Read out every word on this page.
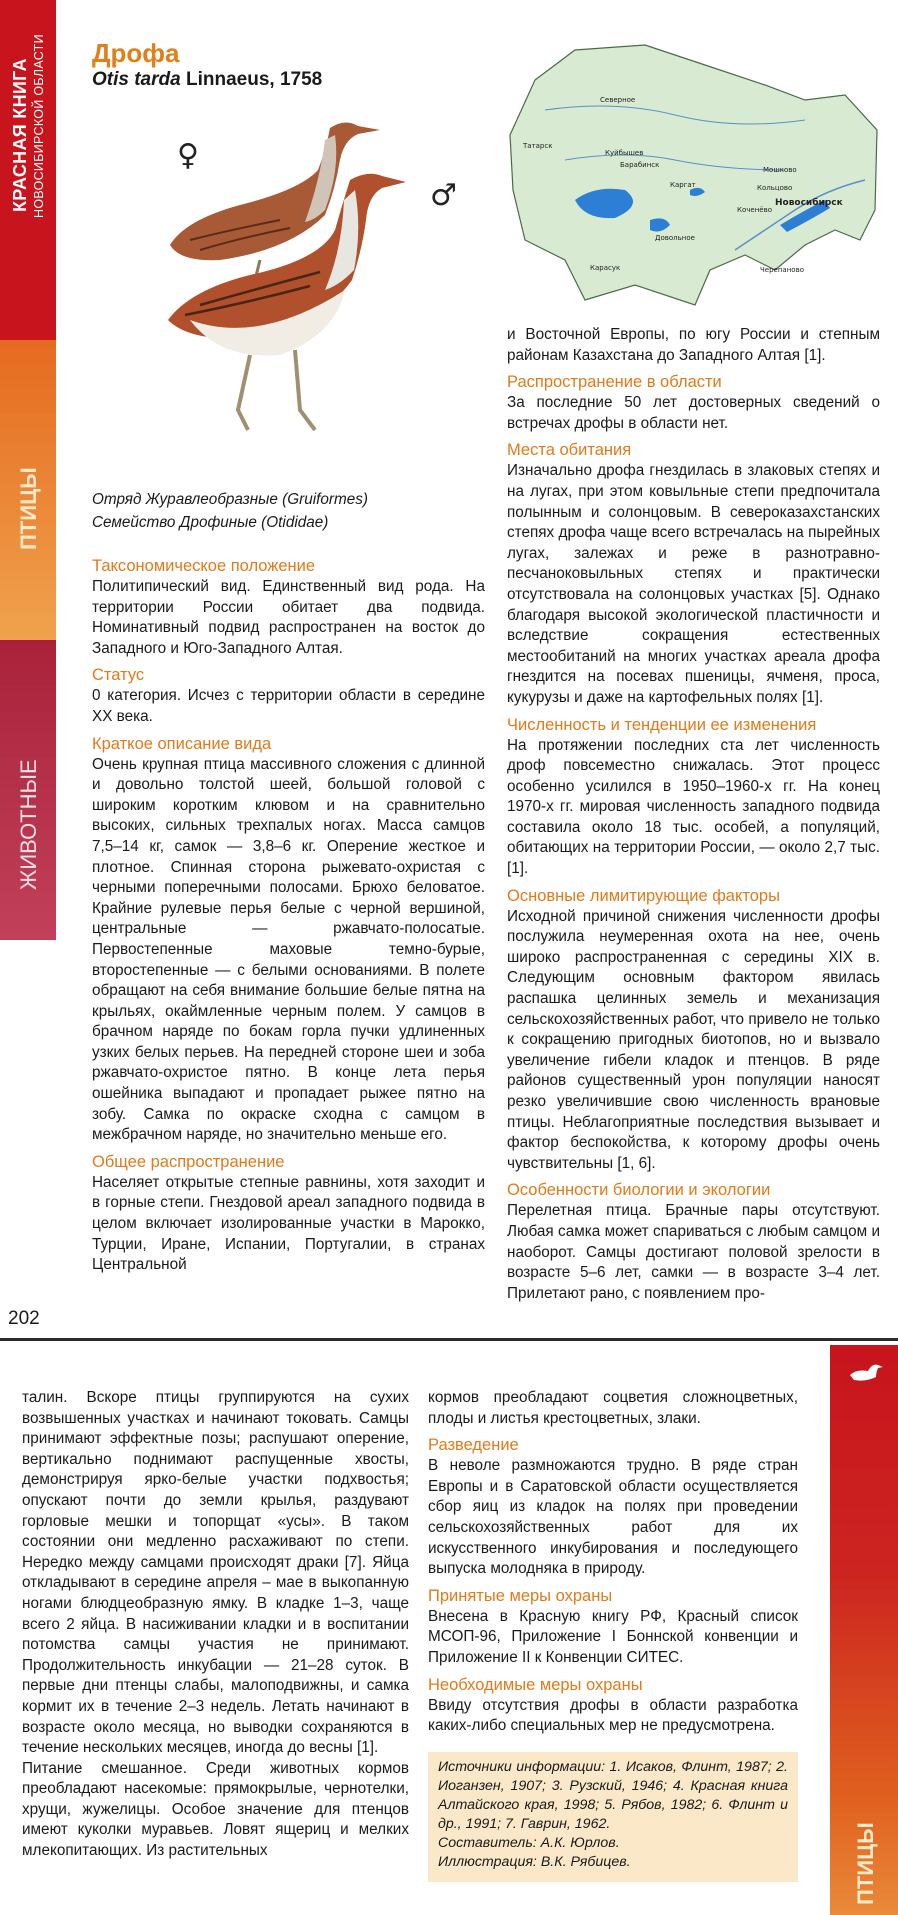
КРАСНАЯ КНИГА НОВОСИБИРСКОЙ ОБЛАСТИ
ПТИЦЫ
ЖИВОТНЫЕ
202
Дрофа
Otis tarda Linnaeus, 1758
♀
♂
Отряд Журавлеобразные (Gruiformes)
Семейство Дрофиные (Otididae)
Таксономическое положение

Политипический вид. Единственный вид рода. На территории России обитает два подвида. Номинативный подвид распространен на восток до Западного и Юго-Западного Алтая.

Статус

0 категория. Исчез с территории области в середине XX века.

Краткое описание вида

Очень крупная птица массивного сложения с длинной и довольно толстой шеей, большой головой с широким коротким клювом и на сравнительно высоких, сильных трехпалых ногах. Масса самцов 7,5–14 кг, самок — 3,8–6 кг. Оперение жесткое и плотное. Спинная сторона рыжевато-охристая с черными поперечными полосами. Брюхо беловатое. Крайние рулевые перья белые с черной вершиной, центральные — ржавчато-полосатые. Первостепенные маховые темно-бурые, второстепенные — с белыми основаниями. В полете обращают на себя внимание большие белые пятна на крыльях, окаймленные черным полем. У самцов в брачном наряде по бокам горла пучки удлиненных узких белых перьев. На передней стороне шеи и зоба ржавчато-охристое пятно. В конце лета перья ошейника выпадают и пропадает рыжее пятно на зобу. Самка по окраске сходна с самцом в межбрачном наряде, но значительно меньше его.

Общее распространение

Населяет открытые степные равнины, хотя заходит и в горные степи. Гнездовой ареал западного подвида в целом включает изолированные участки в Марокко, Турции, Иране, Испании, Португалии, в странах Центральной

Северное
Куйбышев
Татарск
Барабинск
Каргат
Мошково
Коченёво
Кольцово
Новосибирск
Довольное
Карасук	Черепаново

и Восточной Европы, по югу России и степным районам Казахстана до Западного Алтая [1].

Распространение в области

За последние 50 лет достоверных сведений о встречах дрофы в области нет.

Места обитания

Изначально дрофа гнездилась в злаковых степях и на лугах, при этом ковыльные степи предпочитала полынным и солонцовым. В североказахстанских степях дрофа чаще всего встречалась на пырейных лугах, залежах и реже в разнотравно-песчаноковыльных степях и практически отсутствовала на солонцовых участках [5]. Однако благодаря высокой экологической пластичности и вследствие сокращения естественных местообитаний на многих участках ареала дрофа гнездится на посевах пшеницы, ячменя, проса, кукурузы и даже на картофельных полях [1].

Численность и тенденции ее изменения

На протяжении последних ста лет численность дроф повсеместно снижалась. Этот процесс особенно усилился в 1950–1960-х гг. На конец 1970-х гг. мировая численность западного подвида составила около 18 тыс. особей, а популяций, обитающих на территории России, — около 2,7 тыс. [1].

Основные лимитирующие факторы

Исходной причиной снижения численности дрофы послужила неумеренная охота на нее, очень широко распространенная с середины XIX в. Следующим основным фактором явилась распашка целинных земель и механизация сельскохозяйственных работ, что привело не только к сокращению пригодных биотопов, но и вызвало увеличение гибели кладок и птенцов. В ряде районов существенный урон популяции наносят резко увеличившие свою численность врановые птицы. Неблагоприятные последствия вызывает и фактор беспокойства, к которому дрофы очень чувствительны [1, 6].

Особенности биологии и экологии

Перелетная птица. Брачные пары отсутствуют. Любая самка может спариваться с любым самцом и наоборот. Самцы достигают половой зрелости в возрасте 5–6 лет, самки — в возрасте 3–4 лет. Прилетают рано, с появлением про-

ПТИЦЫ

талин. Вскоре птицы группируются на сухих возвышенных участках и начинают токовать. Самцы принимают эффектные позы; распушают оперение, вертикально поднимают распущенные хвосты, демонстрируя ярко-белые участки подхвостья; опускают почти до земли крылья, раздувают горловые мешки и топорщат «усы». В таком состоянии они медленно расхаживают по степи. Нередко между самцами происходят драки [7]. Яйца откладывают в середине апреля – мае в выкопанную ногами блюдцеобразную ямку. В кладке 1–3, чаще всего 2 яйца. В насиживании кладки и в воспитании потомства самцы участия не принимают. Продолжительность инкубации — 21–28 суток. В первые дни птенцы слабы, малоподвижны, и самка кормит их в течение 2–3 недель. Летать начинают в возрасте около месяца, но выводки сохраняются в течение нескольких месяцев, иногда до весны [1].

Питание смешанное. Среди животных кормов преобладают насекомые: прямокрылые, чернотелки, хрущи, жужелицы. Особое значение для птенцов имеют куколки муравьев. Ловят ящериц и мелких млекопитающих. Из растительных

кормов преобладают соцветия сложноцветных, плоды и листья крестоцветных, злаки.

Разведение

В неволе размножаются трудно. В ряде стран Европы и в Саратовской области осуществляется сбор яиц из кладок на полях при проведении сельскохозяйственных работ для их искусственного инкубирования и последующего выпуска молодняка в природу.

Принятые меры охраны

Внесена в Красную книгу РФ, Красный список МСОП-96, Приложение I Боннской конвенции и Приложение II к Конвенции СИТЕС.

Необходимые меры охраны

Ввиду отсутствия дрофы в области разработка каких-либо специальных мер не предусмотрена.

Источники информации: 1. Исаков, Флинт, 1987; 2. Иоганзен, 1907; 3. Рузский, 1946; 4. Красная книга Алтайского края, 1998; 5. Рябов, 1982; 6. Флинт и др., 1991; 7. Гаврин, 1962.

Составитель: А.К. Юрлов.

Иллюстрация: В.К. Рябицев.
